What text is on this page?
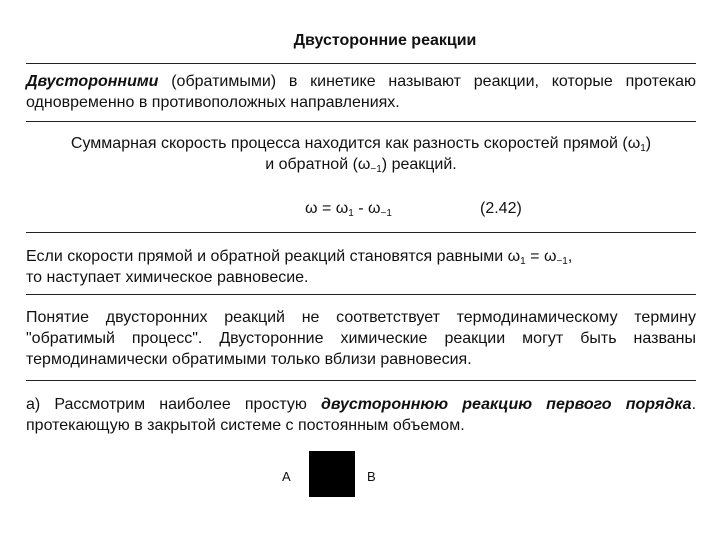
Двусторонние реакции
Двусторонними (обратимыми) в кинетике называют реакции, которые протекаю одновременно в противоположных направлениях.
Суммарная скорость процесса находится как разность скоростей прямой $(\omega_1)$
и обратной $(\omega_{-1})$ реакций.
$\omega = \omega_1 - \omega_{-1}$	(2.42)
Если скорости прямой и обратной реакций становятся равными $\omega_1 = \omega_{-1}$,
то наступает химическое равновесие.
Понятие двусторонних реакций не соответствует термодинамическому термину "обратимый процесс". Двусторонние химические реакции могут быть названы термодинамически обратимыми только вблизи равновесия.
а) Рассмотрим наиболее простую двустороннюю реакцию первого порядка. протекающую в закрытой системе с постоянным объемом.
A	B
